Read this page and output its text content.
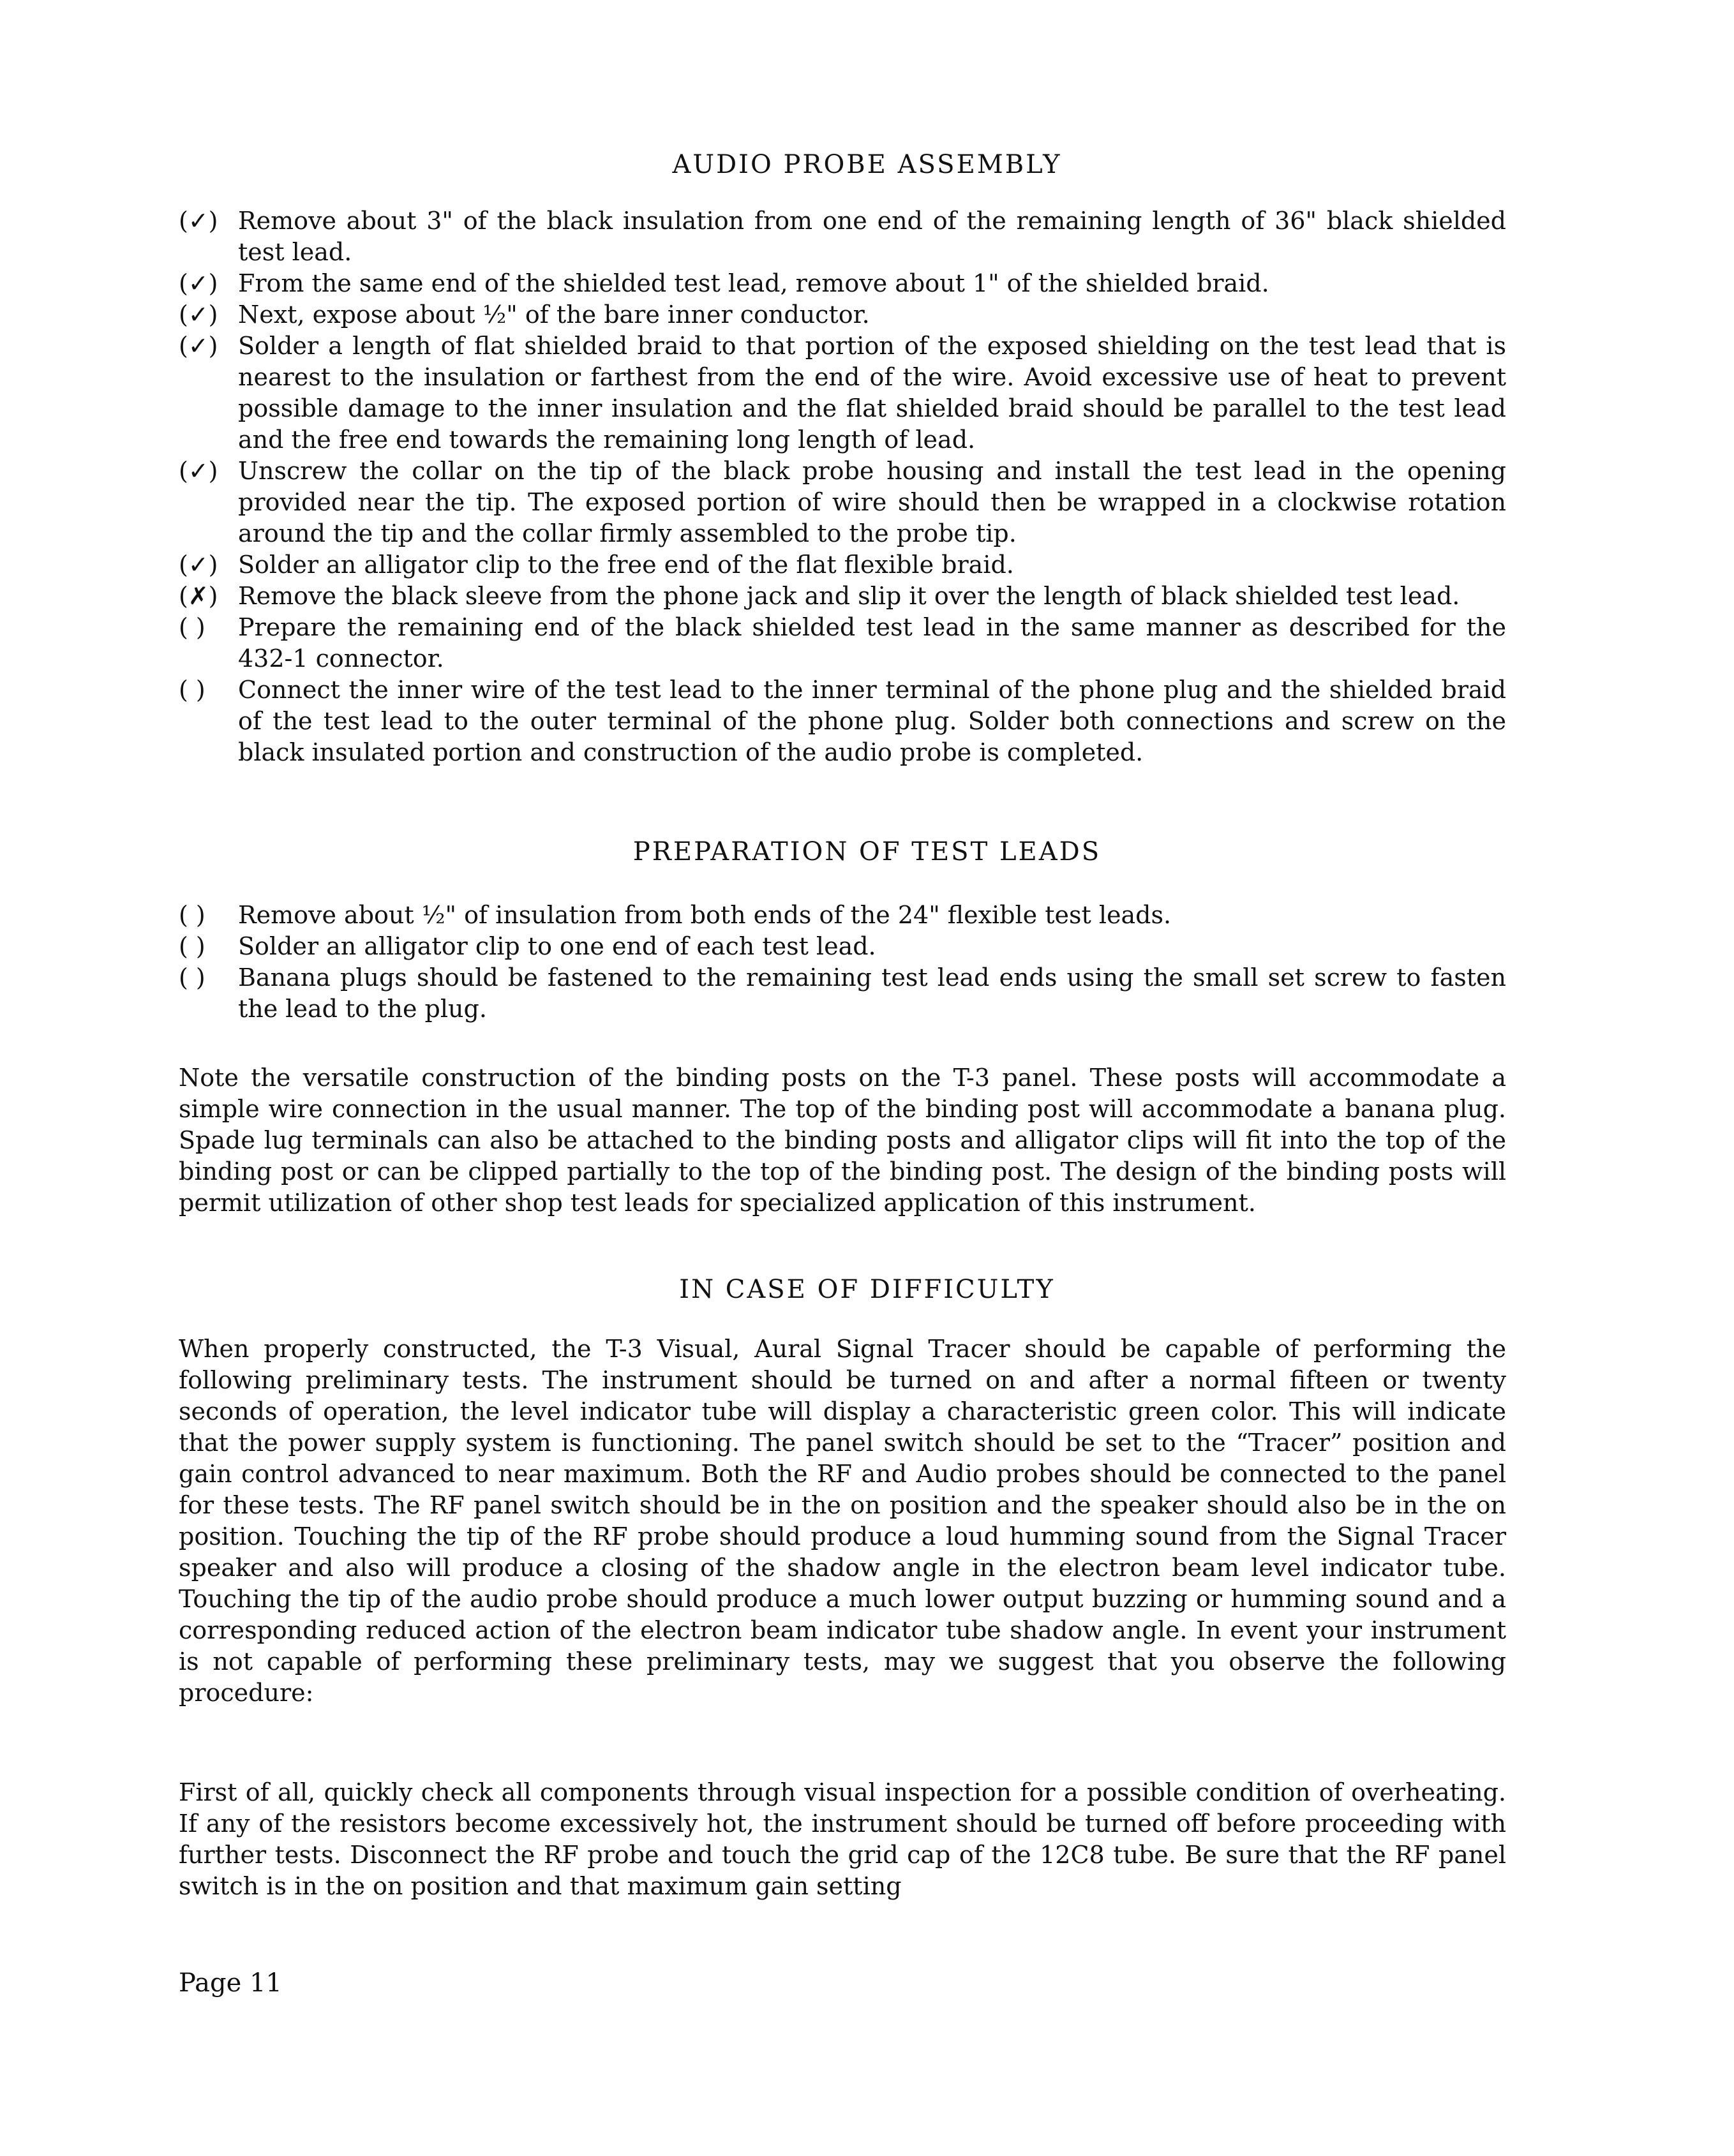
AUDIO PROBE ASSEMBLY
(✓) Remove about 3" of the black insulation from one end of the remaining length of 36" black shielded test lead.
(✓) From the same end of the shielded test lead, remove about 1" of the shielded braid.
(✓) Next, expose about ½" of the bare inner conductor.
(✓) Solder a length of flat shielded braid to that portion of the exposed shielding on the test lead that is nearest to the insulation or farthest from the end of the wire. Avoid excessive use of heat to prevent possible damage to the inner insulation and the flat shielded braid should be parallel to the test lead and the free end towards the remaining long length of lead.
(✓) Unscrew the collar on the tip of the black probe housing and install the test lead in the opening provided near the tip. The exposed portion of wire should then be wrapped in a clockwise rotation around the tip and the collar firmly assembled to the probe tip.
(✓) Solder an alligator clip to the free end of the flat flexible braid.
(✗) Remove the black sleeve from the phone jack and slip it over the length of black shielded test lead.
( )	Prepare the remaining end of the black shielded test lead in the same manner as described for the 432-1 connector.
( )	Connect the inner wire of the test lead to the inner terminal of the phone plug and the shielded braid of the test lead to the outer terminal of the phone plug. Solder both connections and screw on the black insulated portion and construction of the audio probe is completed.
PREPARATION OF TEST LEADS
( )	Remove about ½" of insulation from both ends of the 24" flexible test leads.
( )	Solder an alligator clip to one end of each test lead.
( )	Banana plugs should be fastened to the remaining test lead ends using the small set screw to fasten the lead to the plug.

Note the versatile construction of the binding posts on the T-3 panel. These posts will accommodate a simple wire connection in the usual manner. The top of the binding post will accommodate a banana plug. Spade lug terminals can also be attached to the binding posts and alligator clips will fit into the top of the binding post or can be clipped partially to the top of the binding post. The design of the binding posts will permit utilization of other shop test leads for specialized application of this instrument.

IN CASE OF DIFFICULTY

When properly constructed, the T-3 Visual, Aural Signal Tracer should be capable of performing the following preliminary tests. The instrument should be turned on and after a normal fifteen or twenty seconds of operation, the level indicator tube will display a characteristic green color. This will indicate that the power supply system is functioning. The panel switch should be set to the “Tracer” position and gain control advanced to near maximum. Both the RF and Audio probes should be connected to the panel for these tests. The RF panel switch should be in the on position and the speaker should also be in the on position. Touching the tip of the RF probe should produce a loud humming sound from the Signal Tracer speaker and also will produce a closing of the shadow angle in the electron beam level indicator tube. Touching the tip of the audio probe should produce a much lower output buzzing or humming sound and a corresponding reduced action of the electron beam indicator tube shadow angle. In event your instrument is not capable of performing these preliminary tests, may we suggest that you observe the following procedure:

First of all, quickly check all components through visual inspection for a possible condition of overheating. If any of the resistors become excessively hot, the instrument should be turned off before proceeding with further tests. Disconnect the RF probe and touch the grid cap of the 12C8 tube. Be sure that the RF panel switch is in the on position and that maximum gain setting

Page 11
